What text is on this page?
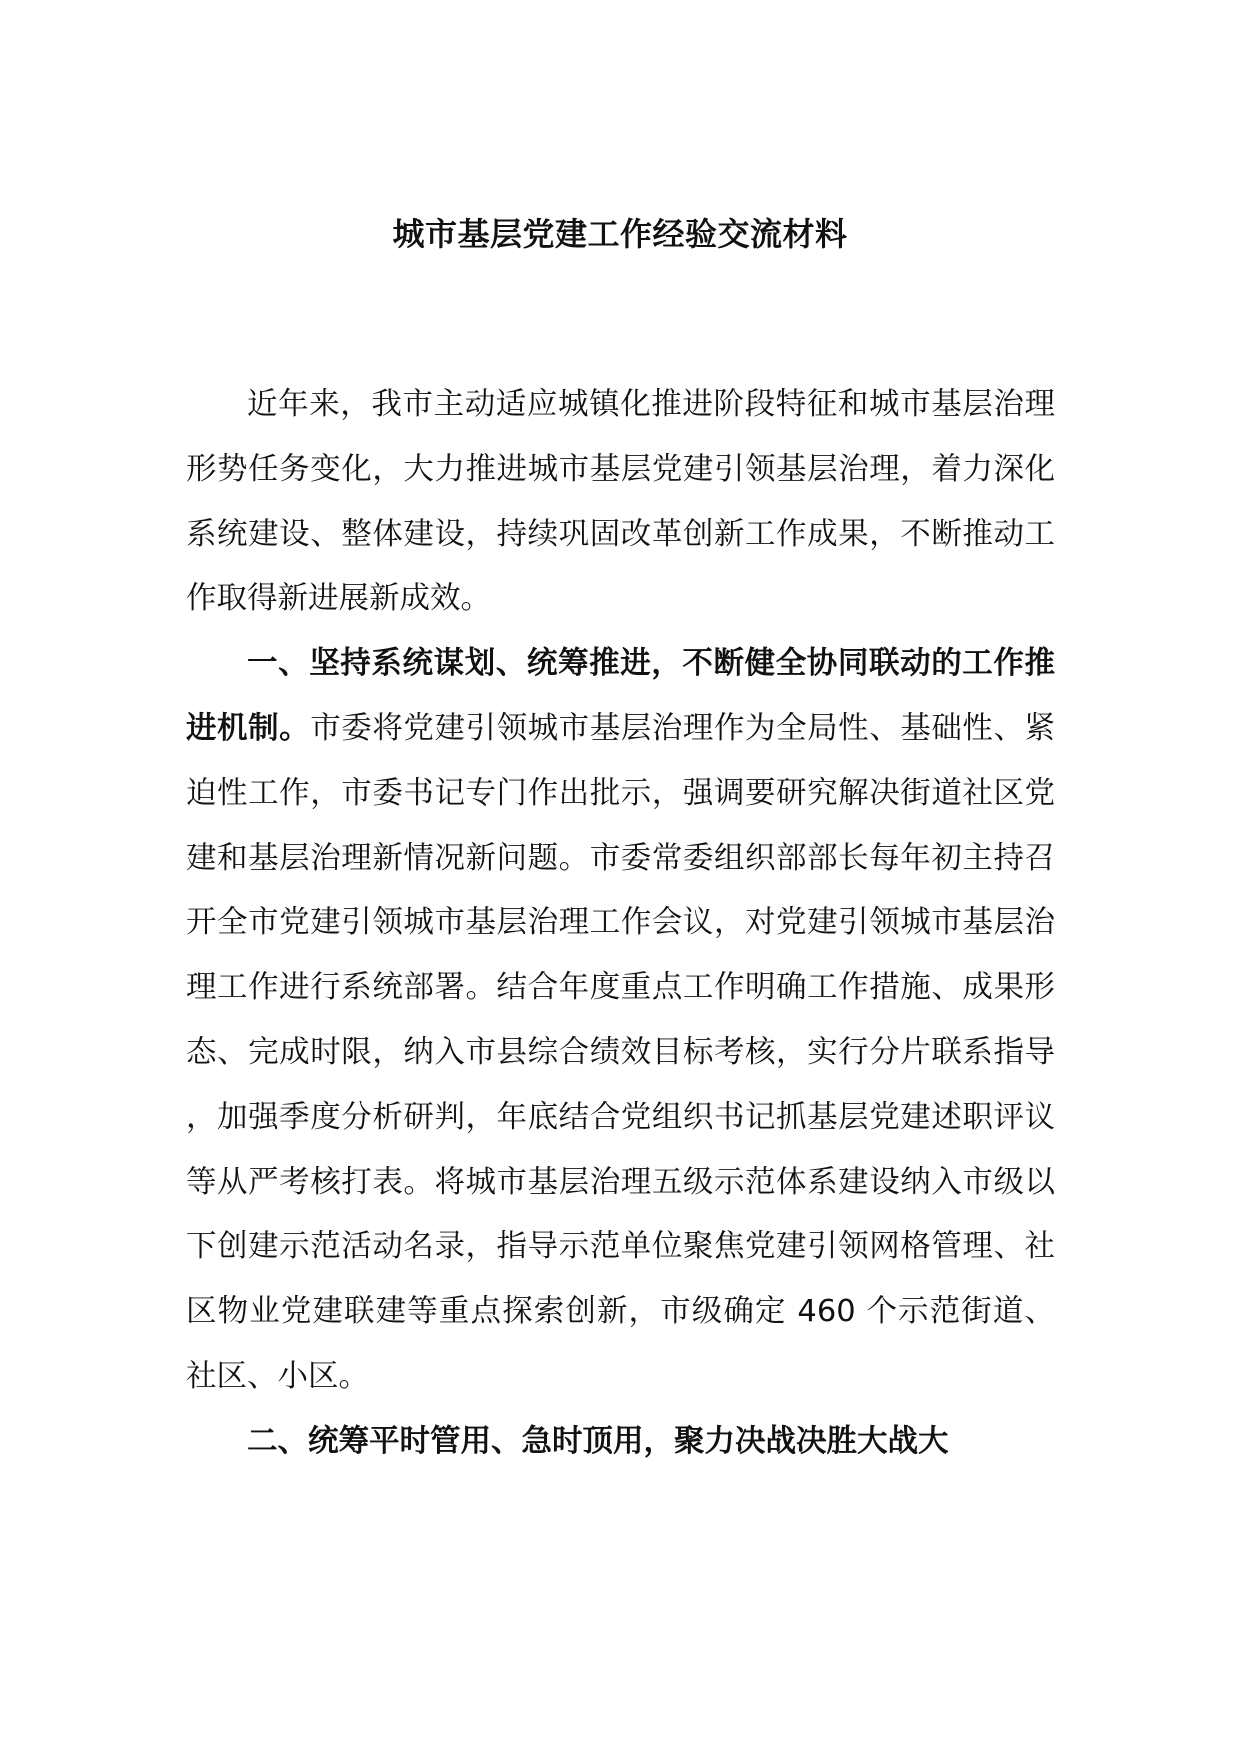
城市基层党建工作经验交流材料

近年来，我市主动适应城镇化推进阶段特征和城市基层治理形势任务变化，大力推进城市基层党建引领基层治理，着力深化系统建设、整体建设，持续巩固改革创新工作成果，不断推动工作取得新进展新成效。

一、坚持系统谋划、统筹推进，不断健全协同联动的工作推进机制。市委将党建引领城市基层治理作为全局性、基础性、紧迫性工作，市委书记专门作出批示，强调要研究解决街道社区党建和基层治理新情况新问题。市委常委组织部部长每年初主持召开全市党建引领城市基层治理工作会议，对党建引领城市基层治理工作进行系统部署。结合年度重点工作明确工作措施、成果形态、完成时限，纳入市县综合绩效目标考核，实行分片联系指导，加强季度分析研判，年底结合党组织书记抓基层党建述职评议等从严考核打表。将城市基层治理五级示范体系建设纳入市级以下创建示范活动名录，指导示范单位聚焦党建引领网格管理、社区物业党建联建等重点探索创新，市级确定 460 个示范街道、社区、小区。

二、统筹平时管用、急时顶用，聚力决战决胜大战大
